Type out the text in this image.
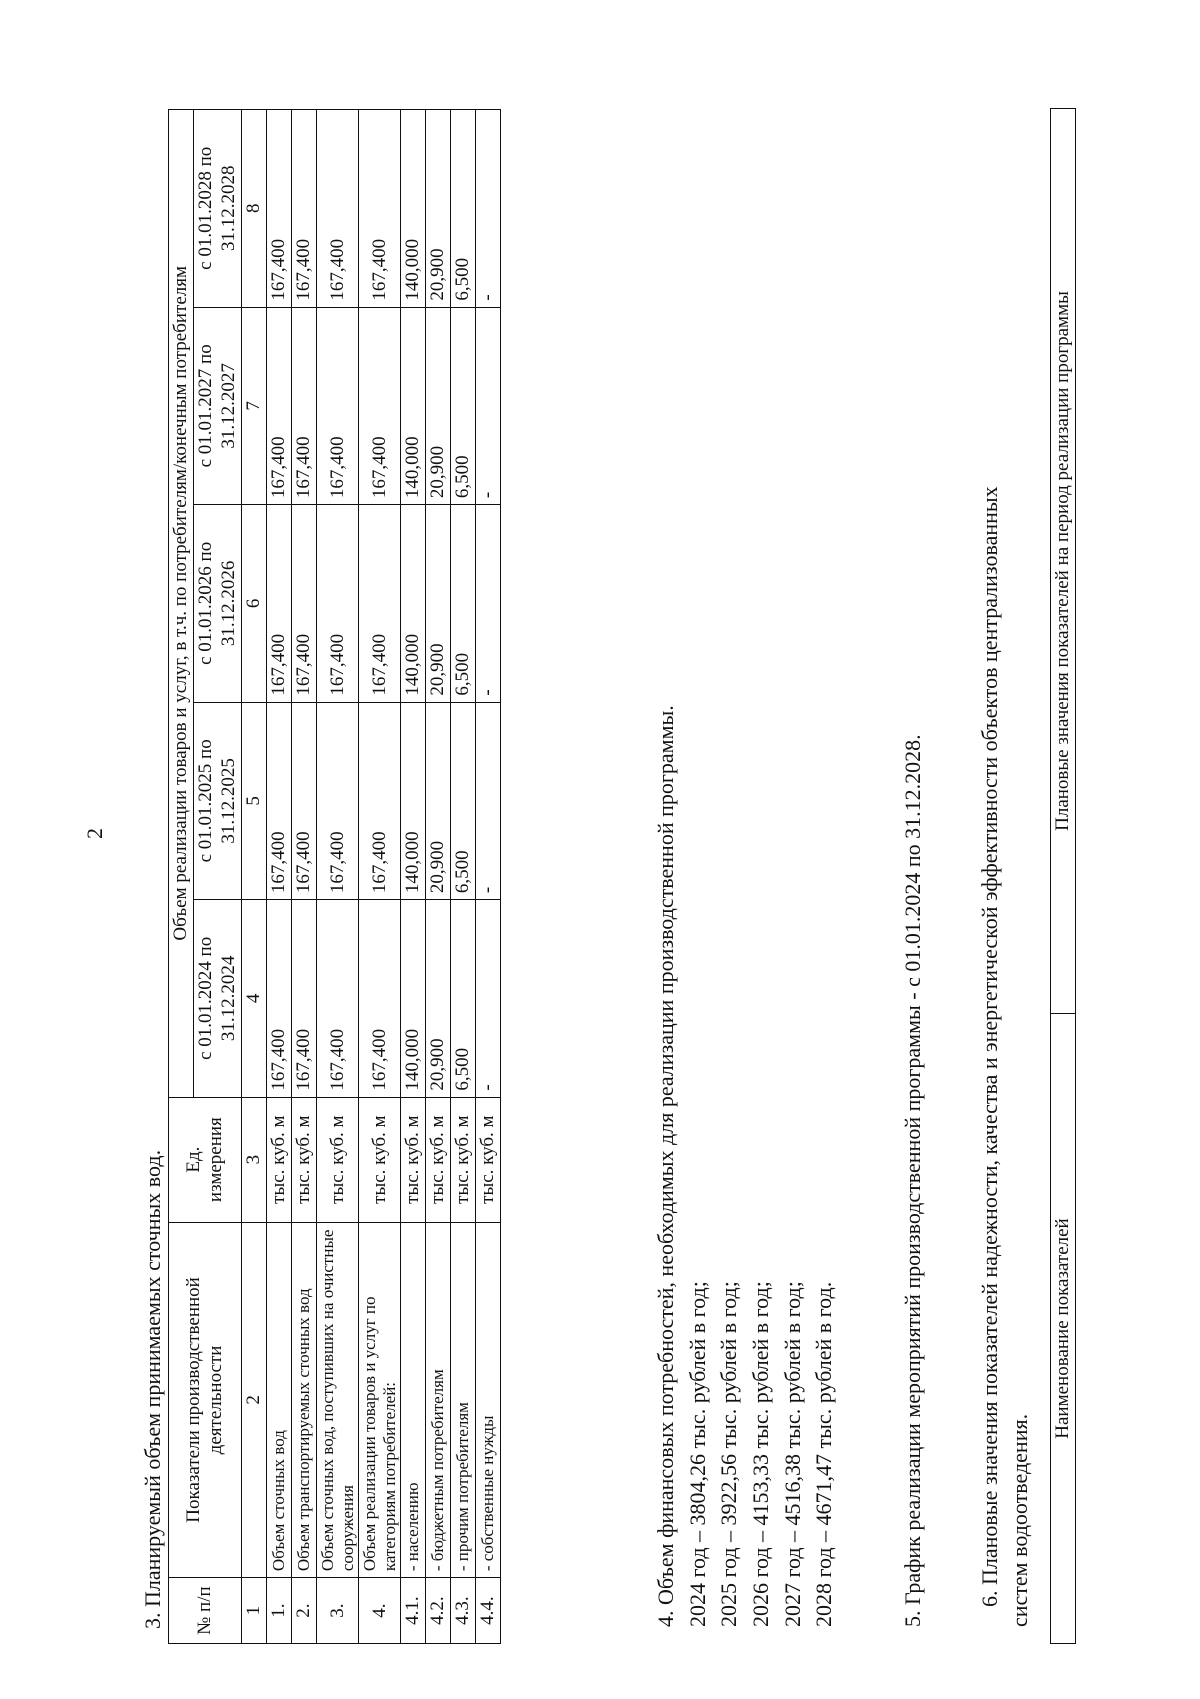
2
3. Планируемый объем принимаемых сточных вод. № п/п	Показатели производственной деятельности	Ед. измерения	Объем реализации товаров и услуг, в т.ч. по потребителям/конечным потребителям				
			с 01.01.2024 по 31.12.2024	с 01.01.2025 по 31.12.2025	с 01.01.2026 по 31.12.2026	с 01.01.2027 по 31.12.2027	с 01.01.2028 по 31.12.2028
1	2	3	4	5	6	7	8
1.	Объем сточных вод	тыс. куб. м	167,400	167,400	167,400	167,400	167,400
2.	Объем транспортируемых сточных вод	тыс. куб. м	167,400	167,400	167,400	167,400	167,400
3.	Объем сточных вод, поступивших на очистные сооружения	тыс. куб. м	167,400	167,400	167,400	167,400	167,400
4.	Объем реализации товаров и услуг по категориям потребителей:	тыс. куб. м	167,400	167,400	167,400	167,400	167,400
4.1.	- населению	тыс. куб. м	140,000	140,000	140,000	140,000	140,000
4.2.	- бюджетным потребителям	тыс. куб. м	20,900	20,900	20,900	20,900	20,900
4.3.	- прочим потребителям	тыс. куб. м	6,500	6,500	6,500	6,500	6,500
4.4.	- собственные нужды	тыс. куб. м	-	-	-	-	-
4. Объем финансовых потребностей, необходимых для реализации производственной программы. 2024 год – 3804,26 тыс. рублей в год; 2025 год – 3922,56 тыс. рублей в год; 2026 год – 4153,33 тыс. рублей в год; 2027 год – 4516,38 тыс. рублей в год; 2028 год – 4671,47 тыс. рублей в год.	5. График реализации мероприятий производственной программы - с 01.01.2024 по 31.12.2028. 6. Плановые значения показателей надежности, качества и энергетической эффективности объектов централизованных систем водоотведения.
Наименование показателей	Плановые значения показателей на период реализации программы
